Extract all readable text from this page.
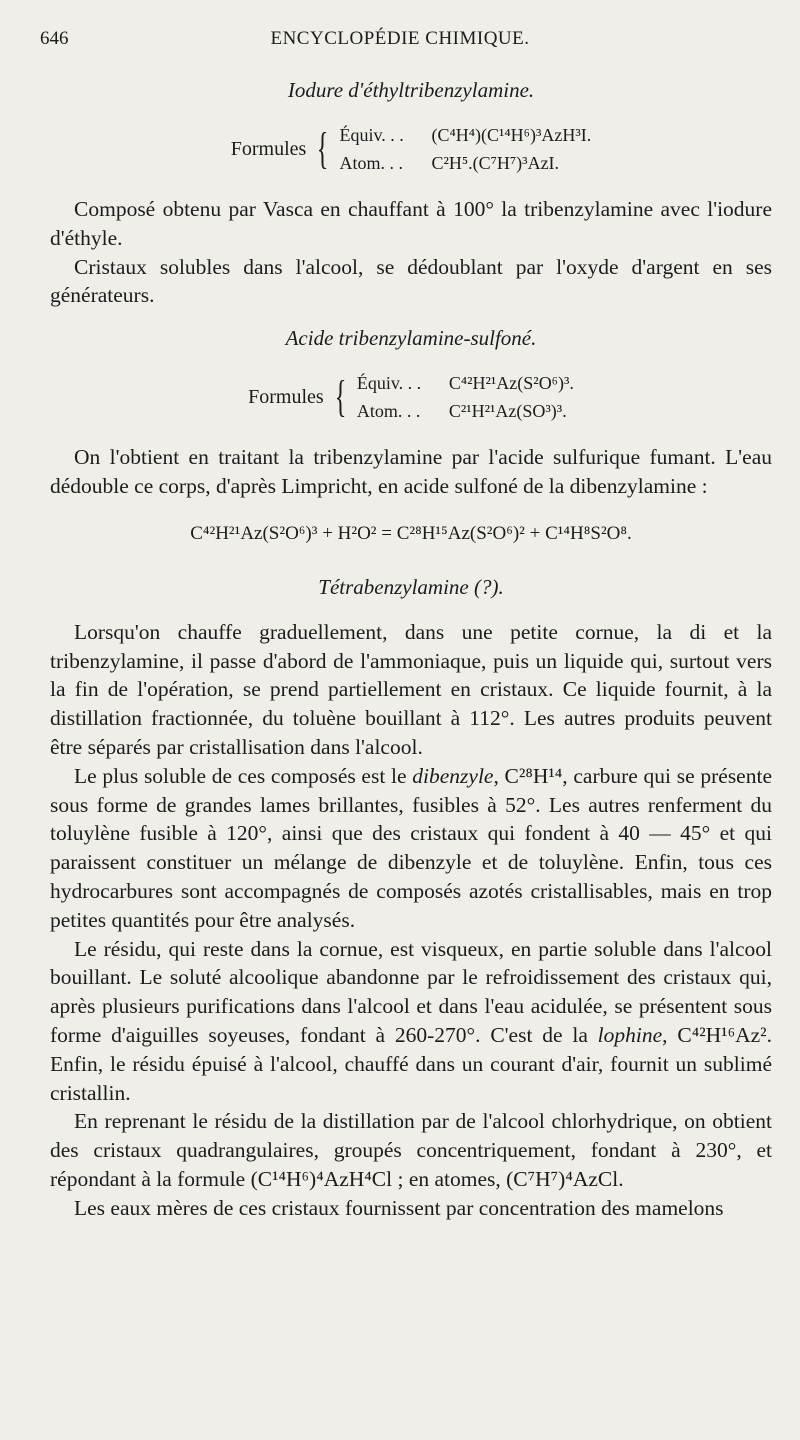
646	ENCYCLOPÉDIE CHIMIQUE.
Iodure d'éthyltribenzylamine.
Formules { Équiv. . .	(C⁴H⁴)(C¹⁴H⁶)³AzH³I.
Atom. . .	C²H⁵.(C⁷H⁷)³AzI.

Composé obtenu par Vasca en chauffant à 100° la tribenzylamine avec l'iodure d'éthyle.

Cristaux solubles dans l'alcool, se dédoublant par l'oxyde d'argent en ses générateurs.

Acide tribenzylamine-sulfoné.
Formules { Équiv. . .	C⁴²H²¹Az(S²O⁶)³.
Atom. . .	C²¹H²¹Az(SO³)³.

On l'obtient en traitant la tribenzylamine par l'acide sulfurique fumant. L'eau dédouble ce corps, d'après Limpricht, en acide sulfoné de la dibenzylamine :

C⁴²H²¹Az(S²O⁶)³ + H²O² = C²⁸H¹⁵Az(S²O⁶)² + C¹⁴H⁸S²O⁸.
Tétrabenzylamine (?).

Lorsqu'on chauffe graduellement, dans une petite cornue, la di et la tribenzylamine, il passe d'abord de l'ammoniaque, puis un liquide qui, surtout vers la fin de l'opération, se prend partiellement en cristaux. Ce liquide fournit, à la distillation fractionnée, du toluène bouillant à 112°. Les autres produits peuvent être séparés par cristallisation dans l'alcool.

Le plus soluble de ces composés est le dibenzyle, C²⁸H¹⁴, carbure qui se présente sous forme de grandes lames brillantes, fusibles à 52°. Les autres renferment du toluylène fusible à 120°, ainsi que des cristaux qui fondent à 40 — 45° et qui paraissent constituer un mélange de dibenzyle et de toluylène. Enfin, tous ces hydrocarbures sont accompagnés de composés azotés cristallisables, mais en trop petites quantités pour être analysés.

Le résidu, qui reste dans la cornue, est visqueux, en partie soluble dans l'alcool bouillant. Le soluté alcoolique abandonne par le refroidissement des cristaux qui, après plusieurs purifications dans l'alcool et dans l'eau acidulée, se présentent sous forme d'aiguilles soyeuses, fondant à 260-270°. C'est de la lophine, C⁴²H¹⁶Az². Enfin, le résidu épuisé à l'alcool, chauffé dans un courant d'air, fournit un sublimé cristallin.

En reprenant le résidu de la distillation par de l'alcool chlorhydrique, on obtient des cristaux quadrangulaires, groupés concentriquement, fondant à 230°, et répondant à la formule (C¹⁴H⁶)⁴AzH⁴Cl ; en atomes, (C⁷H⁷)⁴AzCl.

Les eaux mères de ces cristaux fournissent par concentration des mamelons
